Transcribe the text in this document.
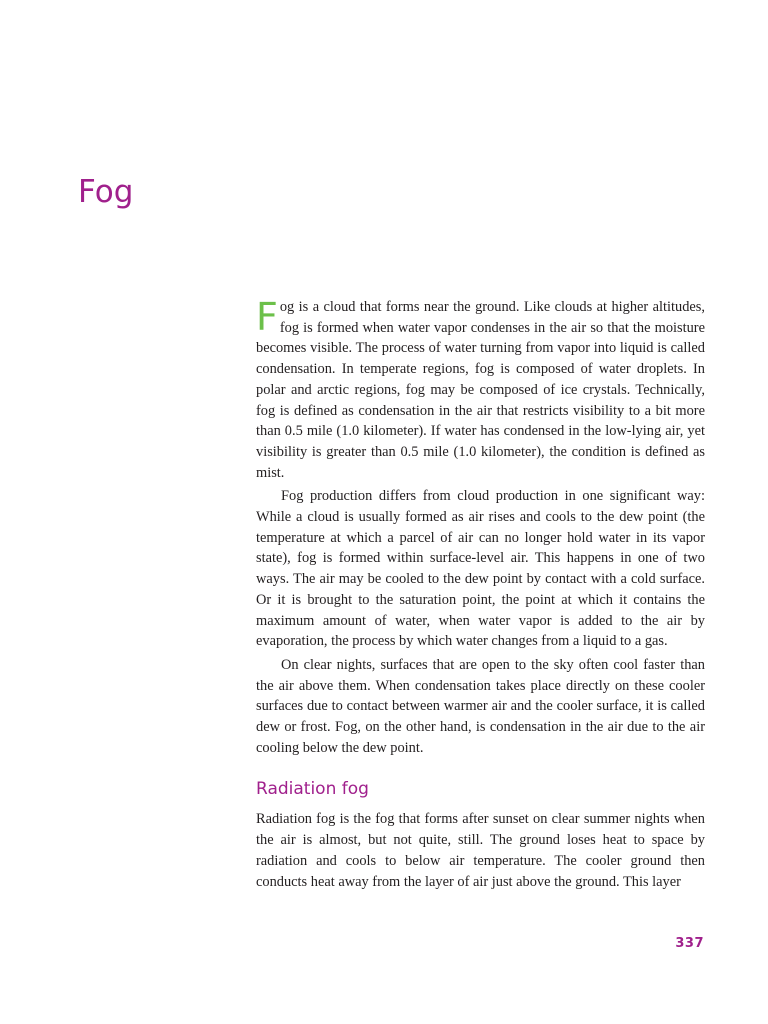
Fog

Fog is a cloud that forms near the ground. Like clouds at higher altitudes, fog is formed when water vapor condenses in the air so that the moisture becomes visible. The process of water turning from vapor into liquid is called condensation. In temperate regions, fog is composed of water droplets. In polar and arctic regions, fog may be composed of ice crystals. Technically, fog is defined as condensation in the air that restricts visibility to a bit more than 0.5 mile (1.0 kilometer). If water has condensed in the low-lying air, yet visibility is greater than 0.5 mile (1.0 kilometer), the condition is defined as mist.

Fog production differs from cloud production in one significant way: While a cloud is usually formed as air rises and cools to the dew point (the temperature at which a parcel of air can no longer hold water in its vapor state), fog is formed within surface-level air. This happens in one of two ways. The air may be cooled to the dew point by contact with a cold surface. Or it is brought to the saturation point, the point at which it contains the maximum amount of water, when water vapor is added to the air by evaporation, the process by which water changes from a liquid to a gas.

On clear nights, surfaces that are open to the sky often cool faster than the air above them. When condensation takes place directly on these cooler surfaces due to contact between warmer air and the cooler surface, it is called dew or frost. Fog, on the other hand, is condensation in the air due to the air cooling below the dew point.

Radiation fog

Radiation fog is the fog that forms after sunset on clear summer nights when the air is almost, but not quite, still. The ground loses heat to space by radiation and cools to below air temperature. The cooler ground then conducts heat away from the layer of air just above the ground. This layer

337
